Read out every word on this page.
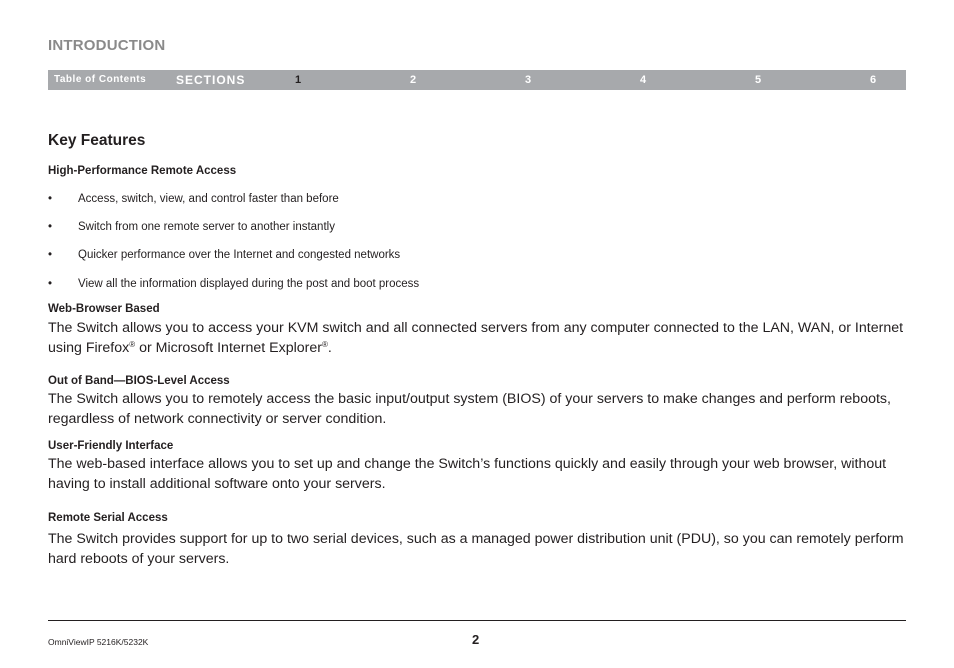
INTRODUCTION
Table of Contents SECTIONS	1	2	3	4	5	6
Key Features
High-Performance Remote Access
• Access, switch, view, and control faster than before
• Switch from one remote server to another instantly
• Quicker performance over the Internet and congested networks
• View all the information displayed during the post and boot process
Web-Browser Based

The Switch allows you to access your KVM switch and all connected servers from any computer connected to the LAN, WAN, or Internet using Firefox® or Microsoft Internet Explorer®.

Out of Band—BIOS-Level Access

The Switch allows you to remotely access the basic input/output system (BIOS) of your servers to make changes and perform reboots, regardless of network connectivity or server condition.

User-Friendly Interface

The web-based interface allows you to set up and change the Switch’s functions quickly and easily through your web browser, without having to install additional software onto your servers.

Remote Serial Access

The Switch provides support for up to two serial devices, such as a managed power distribution unit (PDU), so you can remotely perform hard reboots of your servers.

OmniViewIP 5216K/5232K	2
